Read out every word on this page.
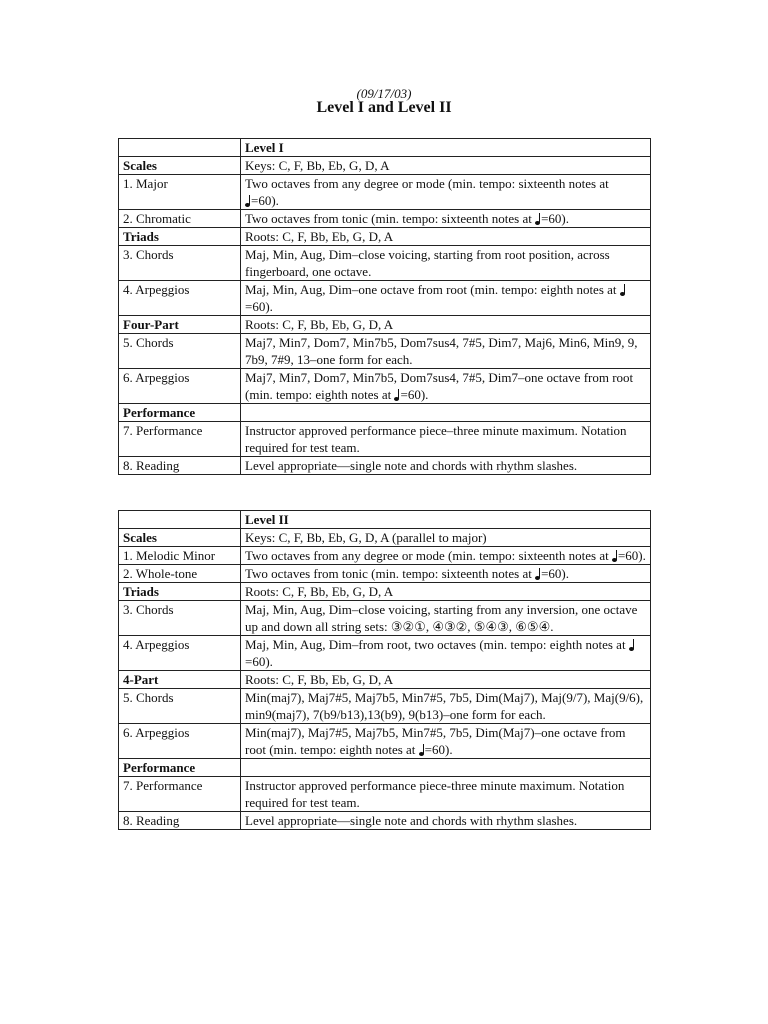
(09/17/03)
Level I and Level II
	Level I
Scales	Keys: C, F, Bb, Eb, G, D, A
1. Major	Two octaves from any degree or mode (min. tempo: sixteenth notes at

=60).
2. Chromatic	Two octaves from tonic (min. tempo: sixteenth notes at
=60).
Triads	Roots: C, F, Bb, Eb, G, D, A
3. Chords	Maj, Min, Aug, Dim–close voicing, starting from root position, across fingerboard, one octave.
4. Arpeggios	Maj, Min, Aug, Dim–one octave from root (min. tempo: eighth notes at
=60).
Four-Part	Roots: C, F, Bb, Eb, G, D, A
5. Chords	Maj7, Min7, Dom7, Min7b5, Dom7sus4, 7#5, Dim7, Maj6, Min6, Min9, 9, 7b9, 7#9, 13–one form for each.
6. Arpeggios	Maj7, Min7, Dom7, Min7b5, Dom7sus4, 7#5, Dim7–one octave from root (min. tempo: eighth notes at
=60).
Performance	
7. Performance	Instructor approved performance piece–three minute maximum. Notation required for test team.
8. Reading	Level appropriate—single note and chords with rhythm slashes.
	Level II
Scales	Keys: C, F, Bb, Eb, G, D, A (parallel to major)
1. Melodic Minor	Two octaves from any degree or mode (min. tempo: sixteenth notes at
=60).
2. Whole-tone	Two octaves from tonic (min. tempo: sixteenth notes at
=60).
Triads	Roots: C, F, Bb, Eb, G, D, A
3. Chords	Maj, Min, Aug, Dim–close voicing, starting from any inversion, one octave up and down all string sets: ③②①, ④③②, ⑤④③, ⑥⑤④.
4. Arpeggios	Maj, Min, Aug, Dim–from root, two octaves (min. tempo: eighth notes at
=60).
4-Part	Roots: C, F, Bb, Eb, G, D, A
5. Chords	Min(maj7), Maj7#5, Maj7b5, Min7#5, 7b5, Dim(Maj7), Maj(9/7), Maj(9/6), min9(maj7), 7(b9/b13),13(b9), 9(b13)–one form for each.
6. Arpeggios	Min(maj7), Maj7#5, Maj7b5, Min7#5, 7b5, Dim(Maj7)–one octave from root (min. tempo: eighth notes at
=60).
Performance	
7. Performance	Instructor approved performance piece-three minute maximum. Notation required for test team.
8. Reading	Level appropriate—single note and chords with rhythm slashes.
